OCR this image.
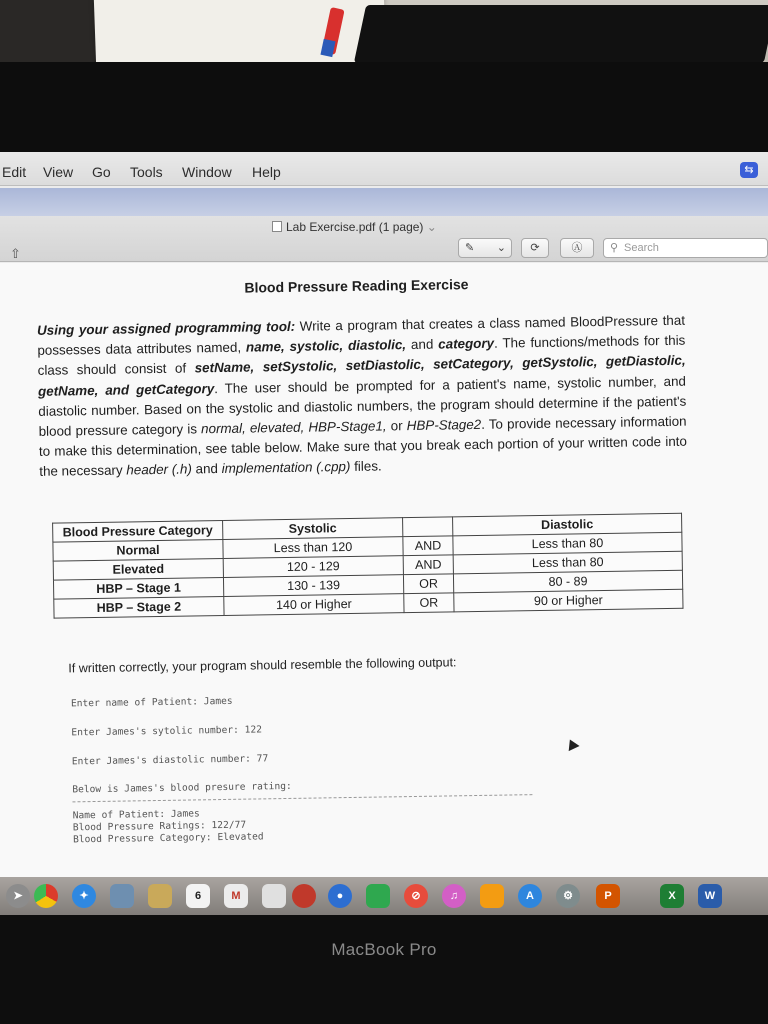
Edit View Go Tools Window Help	⇆
Lab Exercise.pdf (1 page) ⌄
⇧	✎ ⌄	⟳	Ⓐ	⚲ Search
Blood Pressure Reading Exercise

Using your assigned programming tool: Write a program that creates a class named BloodPressure that possesses data attributes named, name, systolic, diastolic, and category. The functions/methods for this class should consist of setName, setSystolic, setDiastolic, setCategory, getSystolic, getDiastolic, getName, and getCategory. The user should be prompted for a patient's name, systolic number, and diastolic number. Based on the systolic and diastolic numbers, the program should determine if the patient's blood pressure category is normal, elevated, HBP-Stage1, or HBP-Stage2. To provide necessary information to make this determination, see table below. Make sure that you break each portion of your written code into the necessary header (.h) and implementation (.cpp) files.

Blood Pressure Category	Systolic		Diastolic
Normal	Less than 120	AND	Less than 80
Elevated	120 - 129	AND	Less than 80
HBP – Stage 1	130 - 139	OR	80 - 89
HBP – Stage 2	140 or Higher	OR	90 or Higher
If written correctly, your program should resemble the following output:
Enter name of Patient: James
Enter James's sytolic number: 122
Enter James's diastolic number: 77
Below is James's blood presure rating:
Name of Patient: James
Blood Pressure Ratings: 122/77
Blood Pressure Category: Elevated
➤	✦	6	M	●	⊘	♫	A	⚙	P	X	W
MacBook Pro
